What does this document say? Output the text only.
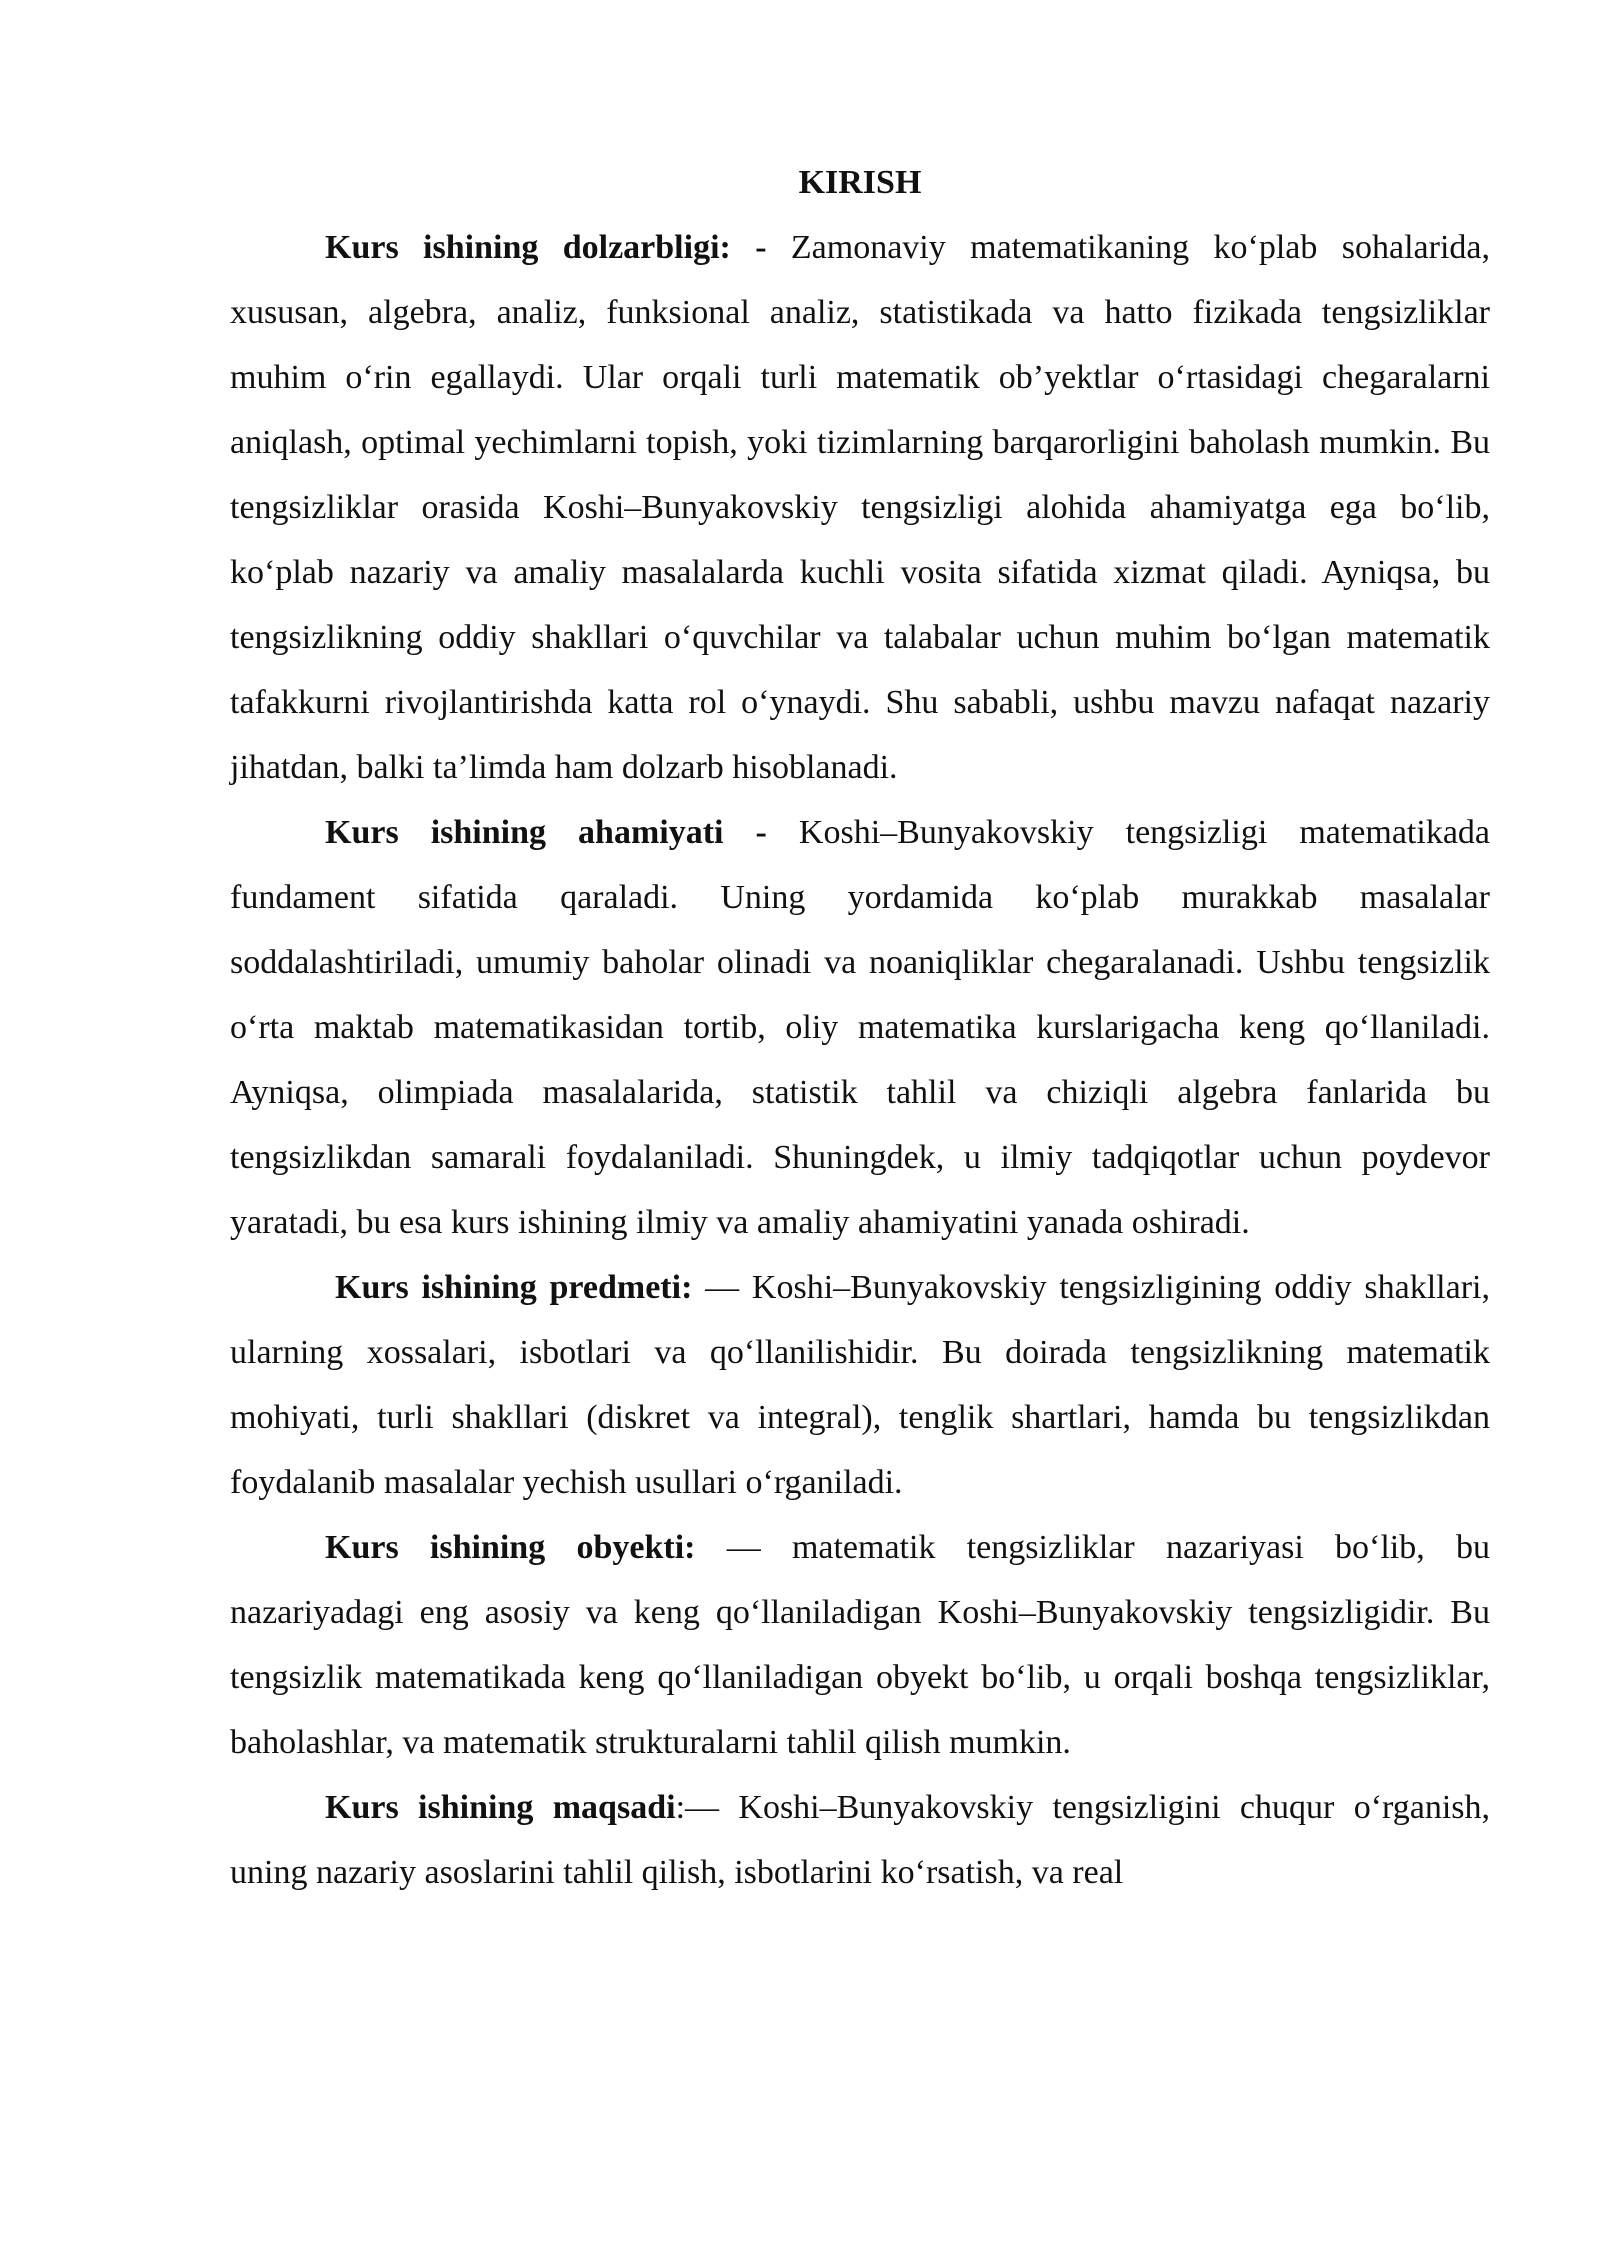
KIRISH

Kurs ishining dolzarbligi: - Zamonaviy matematikaning ko‘plab sohalarida, xususan, algebra, analiz, funksional analiz, statistikada va hatto fizikada tengsizliklar muhim o‘rin egallaydi. Ular orqali turli matematik ob’yektlar o‘rtasidagi chegaralarni aniqlash, optimal yechimlarni topish, yoki tizimlarning barqarorligini baholash mumkin. Bu tengsizliklar orasida Koshi–Bunyakovskiy tengsizligi alohida ahamiyatga ega bo‘lib, ko‘plab nazariy va amaliy masalalarda kuchli vosita sifatida xizmat qiladi. Ayniqsa, bu tengsizlikning oddiy shakllari o‘quvchilar va talabalar uchun muhim bo‘lgan matematik tafakkurni rivojlantirishda katta rol o‘ynaydi. Shu sababli, ushbu mavzu nafaqat nazariy jihatdan, balki ta’limda ham dolzarb hisoblanadi.

Kurs ishining ahamiyati - Koshi–Bunyakovskiy tengsizligi matematikada fundament sifatida qaraladi. Uning yordamida ko‘plab murakkab masalalar soddalashtiriladi, umumiy baholar olinadi va noaniqliklar chegaralanadi. Ushbu tengsizlik o‘rta maktab matematikasidan tortib, oliy matematika kurslarigacha keng qo‘llaniladi. Ayniqsa, olimpiada masalalarida, statistik tahlil va chiziqli algebra fanlarida bu tengsizlikdan samarali foydalaniladi. Shuningdek, u ilmiy tadqiqotlar uchun poydevor yaratadi, bu esa kurs ishining ilmiy va amaliy ahamiyatini yanada oshiradi.

Kurs ishining predmeti: — Koshi–Bunyakovskiy tengsizligining oddiy shakllari, ularning xossalari, isbotlari va qo‘llanilishidir. Bu doirada tengsizlikning matematik mohiyati, turli shakllari (diskret va integral), tenglik shartlari, hamda bu tengsizlikdan foydalanib masalalar yechish usullari o‘rganiladi.

Kurs ishining obyekti: — matematik tengsizliklar nazariyasi bo‘lib, bu nazariyadagi eng asosiy va keng qo‘llaniladigan Koshi–Bunyakovskiy tengsizligidir. Bu tengsizlik matematikada keng qo‘llaniladigan obyekt bo‘lib, u orqali boshqa tengsizliklar, baholashlar, va matematik strukturalarni tahlil qilish mumkin.

Kurs ishining maqsadi:— Koshi–Bunyakovskiy tengsizligini chuqur o‘rganish, uning nazariy asoslarini tahlil qilish, isbotlarini ko‘rsatish, va real
